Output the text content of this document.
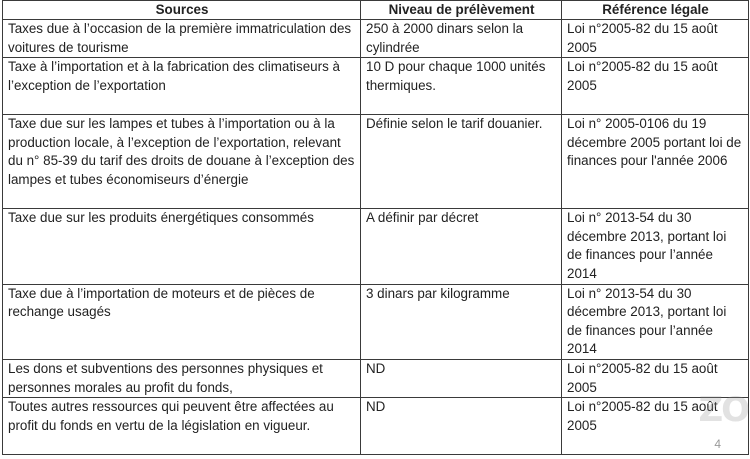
Sources	Niveau de prélèvement	Référence légale
Taxes due à l’occasion de la première immatriculation des voitures de tourisme	250 à 2000 dinars selon la cylindrée	Loi n°2005-82 du 15 août 2005
Taxe à l’importation et à la fabrication des climatiseurs à l’exception de l’exportation	10 D pour chaque 1000 unités thermiques.	Loi n°2005-82 du 15 août 2005
Taxe due sur les lampes et tubes à l’importation ou à la production locale, à l’exception de l’exportation, relevant du n° 85-39 du tarif des droits de douane à l’exception des lampes et tubes économiseurs d’énergie	Définie selon le tarif douanier.	Loi n° 2005-0106 du 19 décembre 2005 portant loi de finances pour l'année 2006
Taxe due sur les produits énergétiques consommés	A définir par décret	Loi n° 2013-54 du 30 décembre 2013, portant loi de finances pour l’année 2014
Taxe due à l’importation de moteurs et de pièces de rechange usagés	3 dinars par kilogramme	Loi n° 2013-54 du 30 décembre 2013, portant loi de finances pour l’année 2014
Les dons et subventions des personnes physiques et personnes morales au profit du fonds,	ND	Loi n°2005-82 du 15 août 2005
Toutes autres ressources qui peuvent être affectées au profit du fonds en vertu de la législation en vigueur.	ND	Loi n°2005-82 du 15 août 2005	ZO
4
